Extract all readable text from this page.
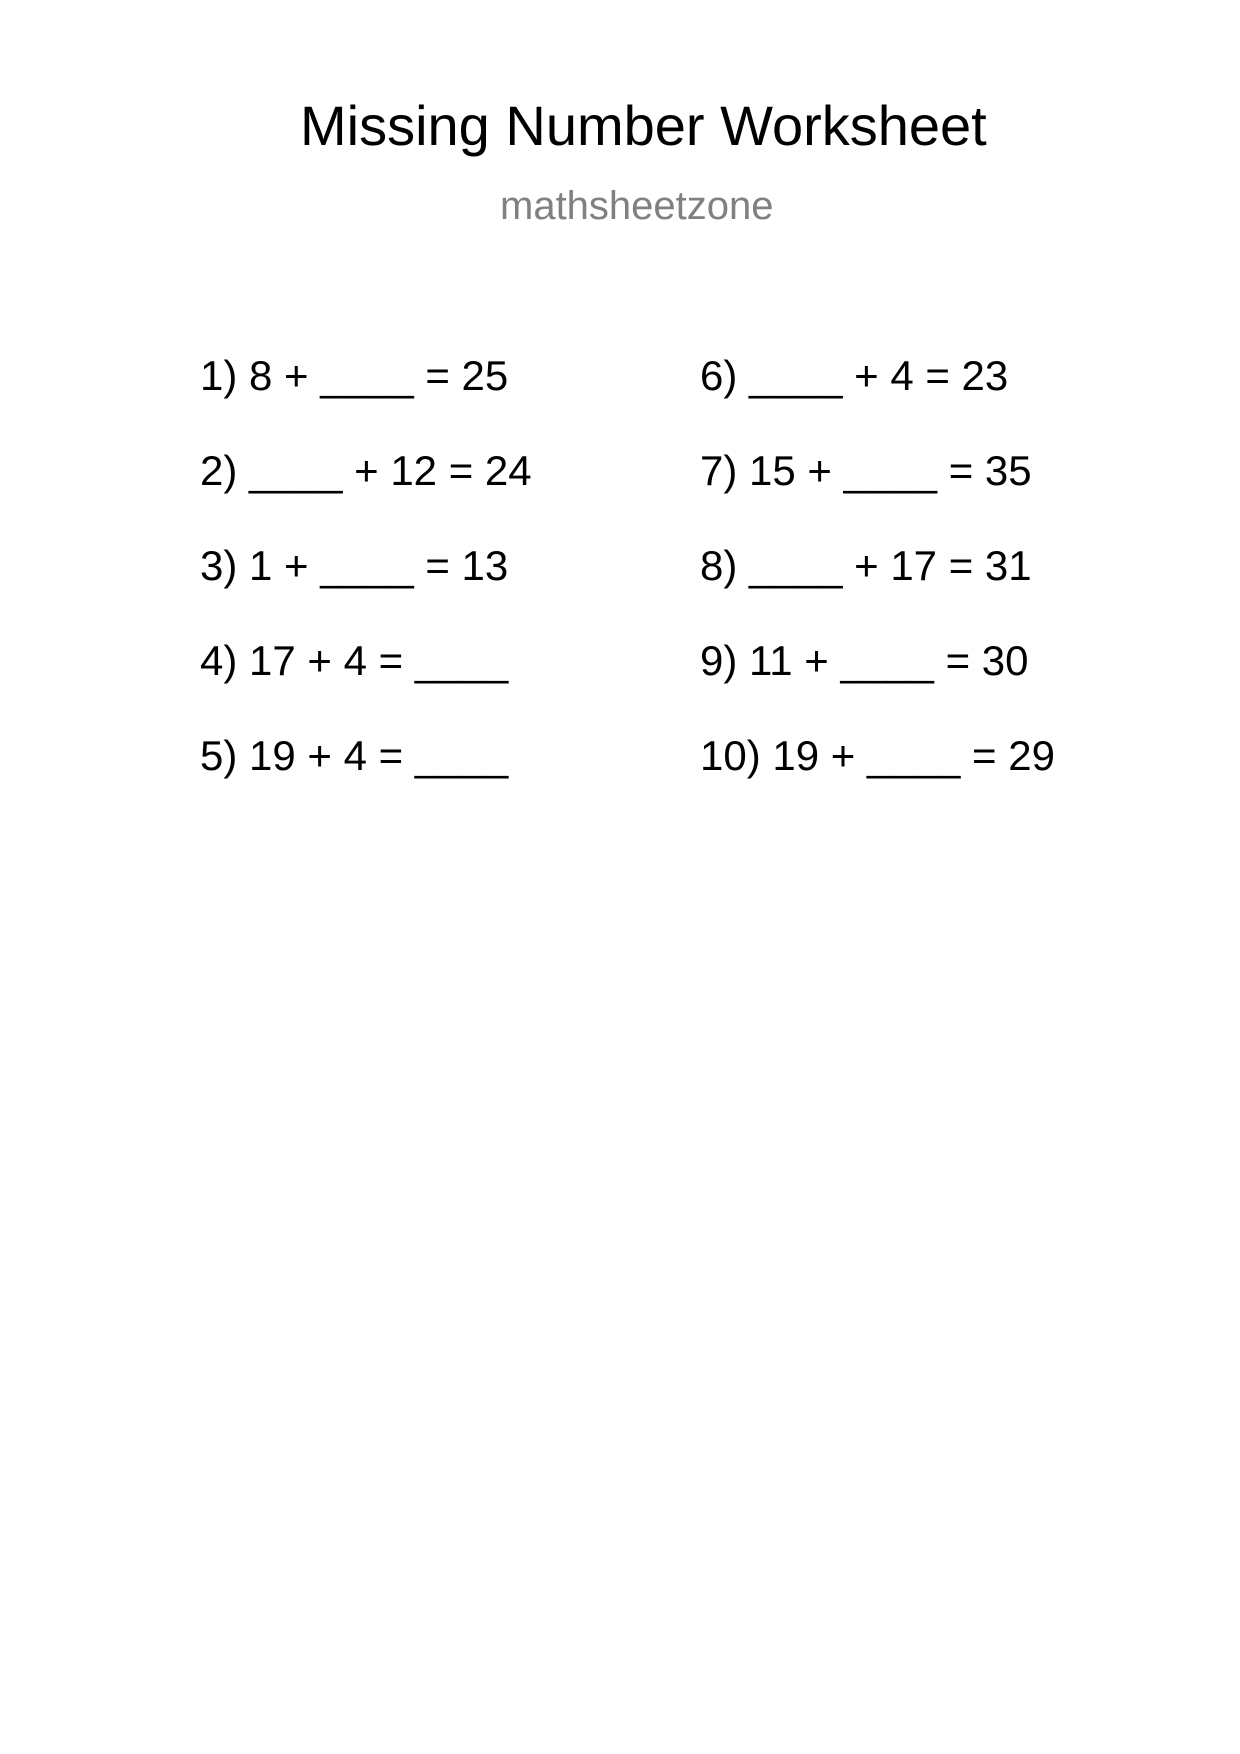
Missing Number Worksheet
mathsheetzone
1) 8 + ____ = 25
2) ____ + 12 = 24
3) 1 + ____ = 13
4) 17 + 4 = ____
5) 19 + 4 = ____
6) ____ + 4 = 23
7) 15 + ____ = 35
8) ____ + 17 = 31
9) 11 + ____ = 30
10) 19 + ____ = 29
